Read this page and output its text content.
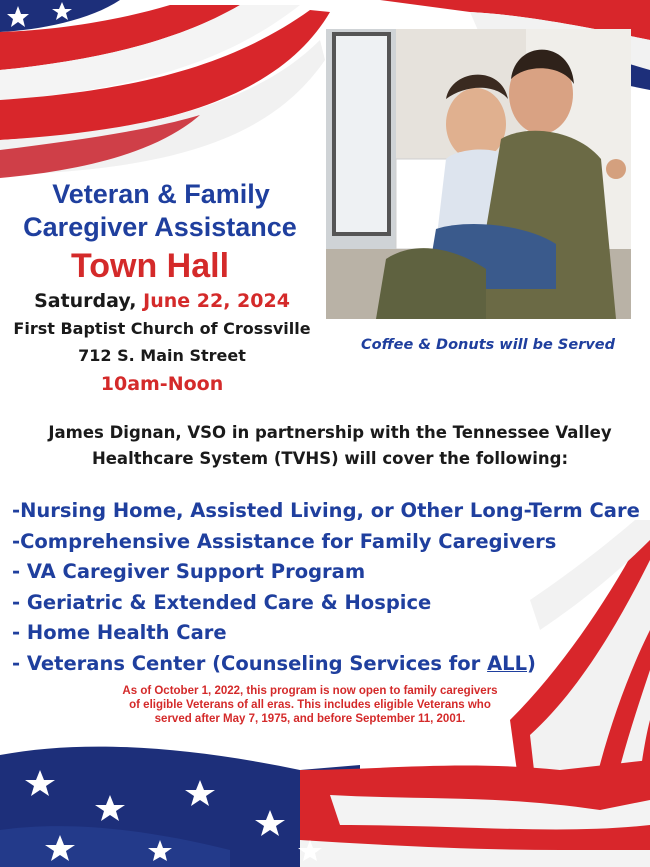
Veteran & Family
Caregiver Assistance
Town Hall
Saturday, June 22, 2024
First Baptist Church of Crossville
712 S. Main Street
10am-Noon
Coffee & Donuts will be Served
James Dignan, VSO in partnership with the Tennessee Valley
Healthcare System (TVHS) will cover the following:
-Nursing Home, Assisted Living, or Other Long-Term Care
-Comprehensive Assistance for Family Caregivers
- VA Caregiver Support Program
- Geriatric & Extended Care & Hospice
- Home Health Care
- Veterans Center (Counseling Services for ALL)
As of October 1, 2022, this program is now open to family caregivers
of eligible Veterans of all eras. This includes eligible Veterans who
served after May 7, 1975, and before September 11, 2001.
